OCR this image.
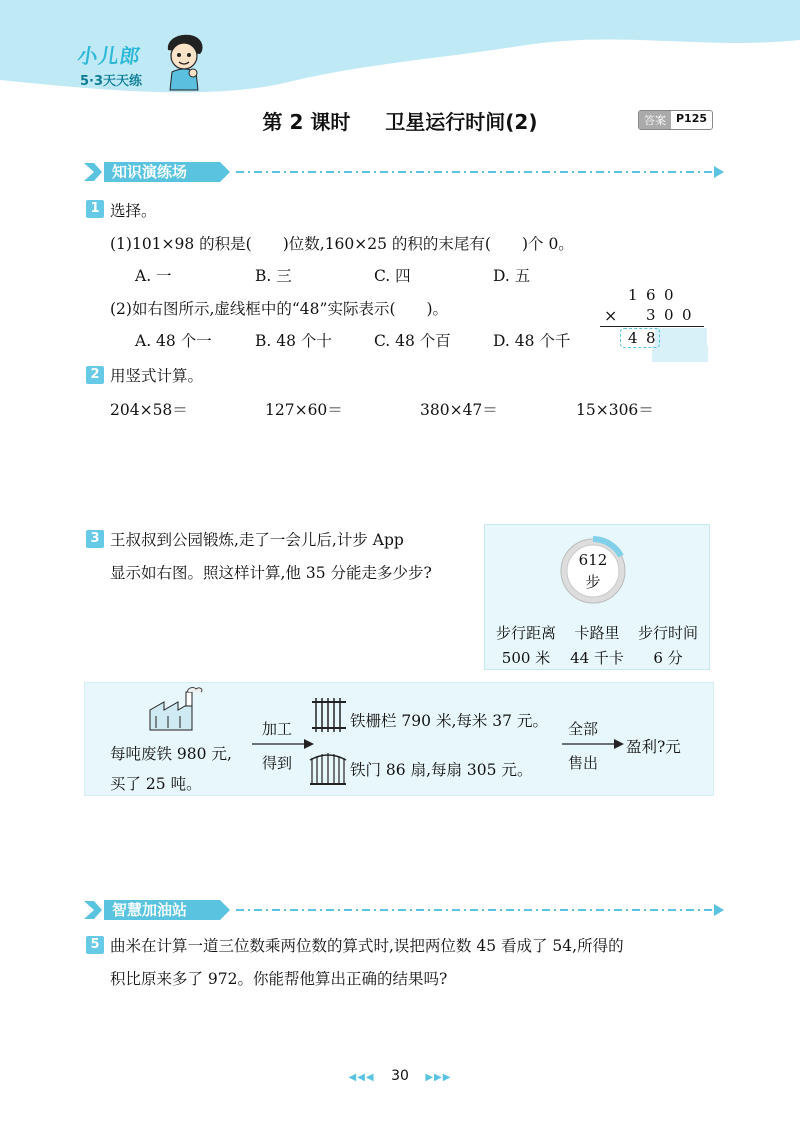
小儿郎
5·3天天练
第 2 课时 卫星运行时间(2)	答案 P125
知识演练场
1 选择。
(1)101×98 的积是(　　)位数,160×25 的积的末尾有(　　)个 0。
A. 一	B. 三	C. 四	D. 五
(2)如右图所示,虚线框中的“48”实际表示(　　)。
A. 48 个一	B. 48 个十	C. 48 个百	D. 48 个千
1 6 0
× 3 0 0
4 8
2 用竖式计算。
204×58＝	127×60＝	380×47＝	15×306＝
3 王叔叔到公园锻炼,走了一会儿后,计步 App
显示如右图。照这样计算,他 35 分能走多少步?
612
步
步行距离	卡路里	步行时间
500 米	44 千卡	6 分
每吨废铁 980 元,
买了 25 吨。
加工
得到
铁栅栏 790 米,每米 37 元。
铁门 86 扇,每扇 305 元。
全部
售出
盈利?元
智慧加油站
5 曲米在计算一道三位数乘两位数的算式时,误把两位数 45 看成了 54,所得的
积比原来多了 972。你能帮他算出正确的结果吗?
◀◀◀ 30 ▶▶▶
